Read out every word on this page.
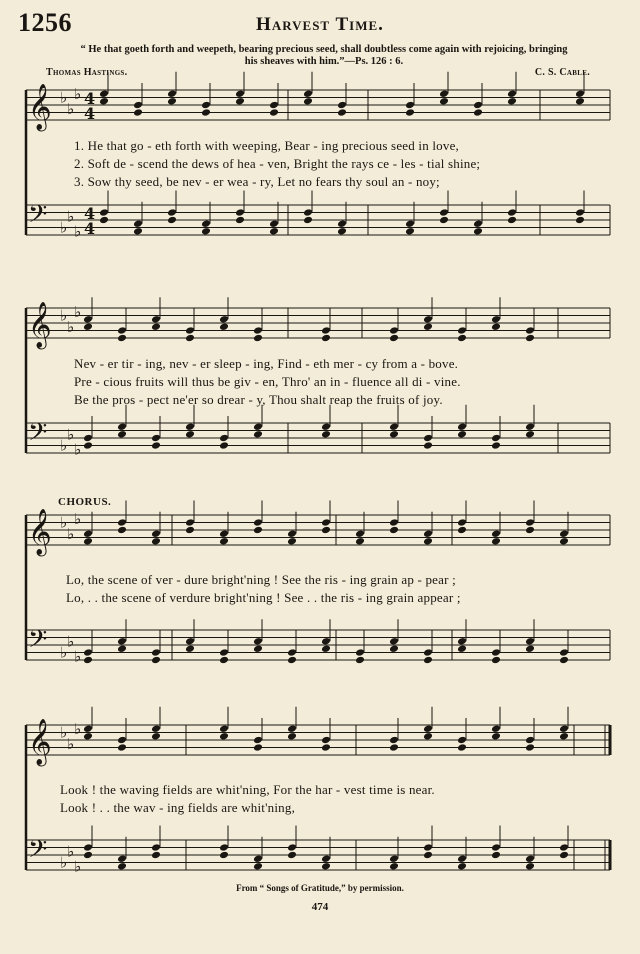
1256	Harvest Time.
“ He that goeth forth and weepeth, bearing precious seed, shall doubtless come again with rejoicing, bringing
his sheaves with him.”—Ps. 126 : 6.
Thomas Hastings.	C. S. Cable.
𝄞 ♭
♭
♭ 4
4
𝄢 ♭
♭
♭
4
4
𝄞 ♭
♭
♭
𝄢 ♭
♭
♭
𝄞 ♭
♭
♭
𝄢 ♭
♭
♭
𝄞 ♭
♭
♭
𝄢 ♭
♭
♭
1. He that go - eth forth with weeping, Bear - ing precious seed in love,
2. Soft de - scend the dews of hea - ven, Bright the rays ce - les - tial shine;
3. Sow thy seed, be nev - er wea - ry, Let no fears thy soul an - noy;
Nev - er tir - ing, nev - er sleep - ing, Find - eth mer - cy from a - bove.
Pre - cious fruits will thus be giv - en, Thro' an in - fluence all di - vine.
Be the pros - pect ne'er so drear - y, Thou shalt reap the fruits of joy.
CHORUS.
Lo, the scene of ver - dure bright'ning ! See the ris - ing grain ap - pear ;
Lo, . . the scene of verdure bright'ning ! See . . the ris - ing grain appear ;
Look ! the waving fields are whit'ning, For the har - vest time is near.
Look ! . . the wav - ing fields are whit'ning,
From “ Songs of Gratitude,” by permission.
474
